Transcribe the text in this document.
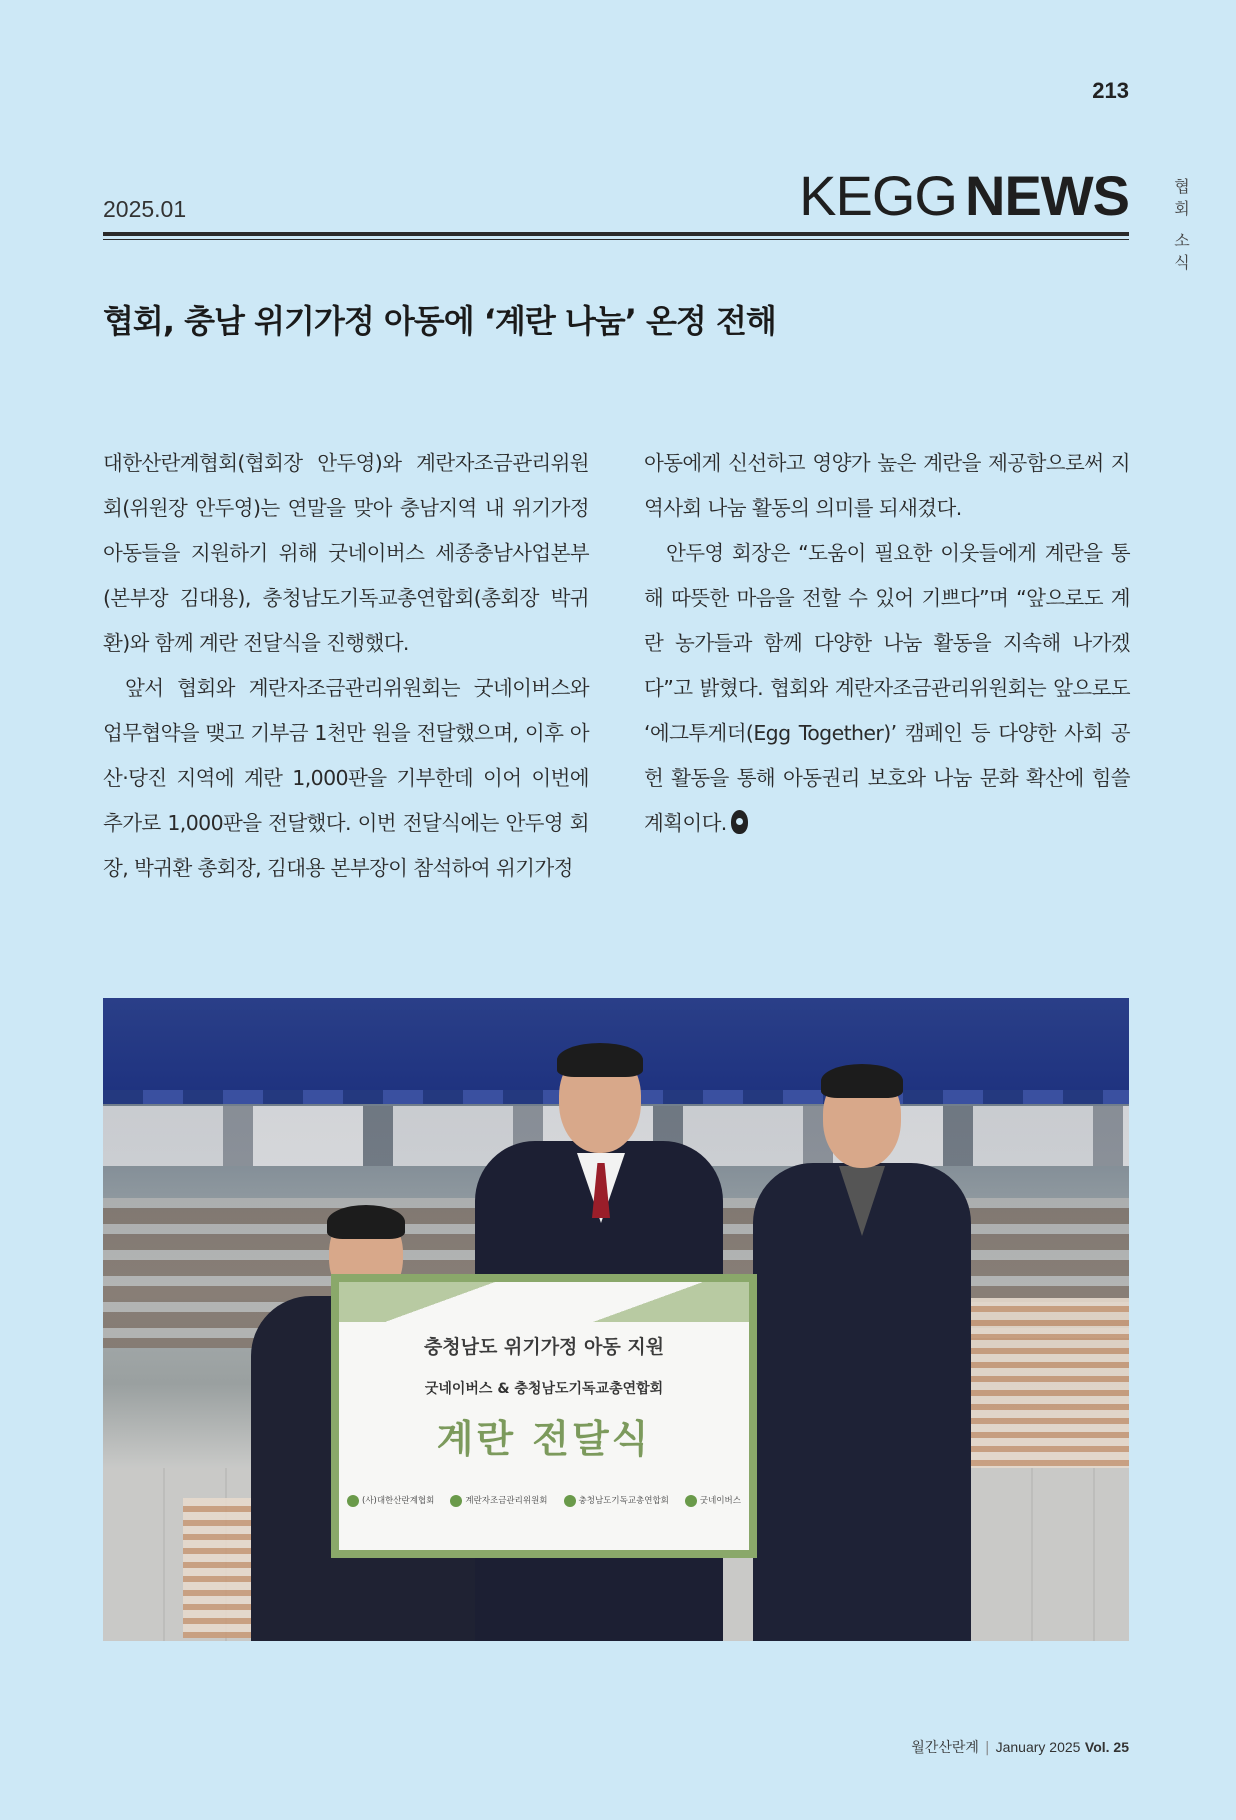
213
2025.01	KEGG NEWS	협
회
소
식
협회, 충남 위기가정 아동에 ‘계란 나눔’ 온정 전해

대한산란계협회(협회장 안두영)와 계란자조금관리위원회(위원장 안두영)는 연말을 맞아 충남지역 내 위기가정 아동들을 지원하기 위해 굿네이버스 세종충남사업본부(본부장 김대용), 충청남도기독교총연합회(총회장 박귀환)와 함께 계란 전달식을 진행했다.

앞서 협회와 계란자조금관리위원회는 굿네이버스와 업무협약을 맺고 기부금 1천만 원을 전달했으며, 이후 아산·당진 지역에 계란 1,000판을 기부한데 이어 이번에 추가로 1,000판을 전달했다. 이번 전달식에는 안두영 회장, 박귀환 총회장, 김대용 본부장이 참석하여 위기가정

아동에게 신선하고 영양가 높은 계란을 제공함으로써 지역사회 나눔 활동의 의미를 되새겼다.

안두영 회장은 “도움이 필요한 이웃들에게 계란을 통해 따뜻한 마음을 전할 수 있어 기쁘다”며 “앞으로도 계란 농가들과 함께 다양한 나눔 활동을 지속해 나가겠다”고 밝혔다. 협회와 계란자조금관리위원회는 앞으로도 ‘에그투게더(Egg Together)’ 캠페인 등 다양한 사회 공헌 활동을 통해 아동권리 보호와 나눔 문화 확산에 힘쓸 계획이다.

충청남도 위기가정 아동 지원
굿네이버스 & 충청남도기독교총연합회
계란 전달식
(사)대한산란계협회	계란자조금관리위원회	충청남도기독교총연합회	굿네이버스
월간산란계 | January 2025 Vol. 25
